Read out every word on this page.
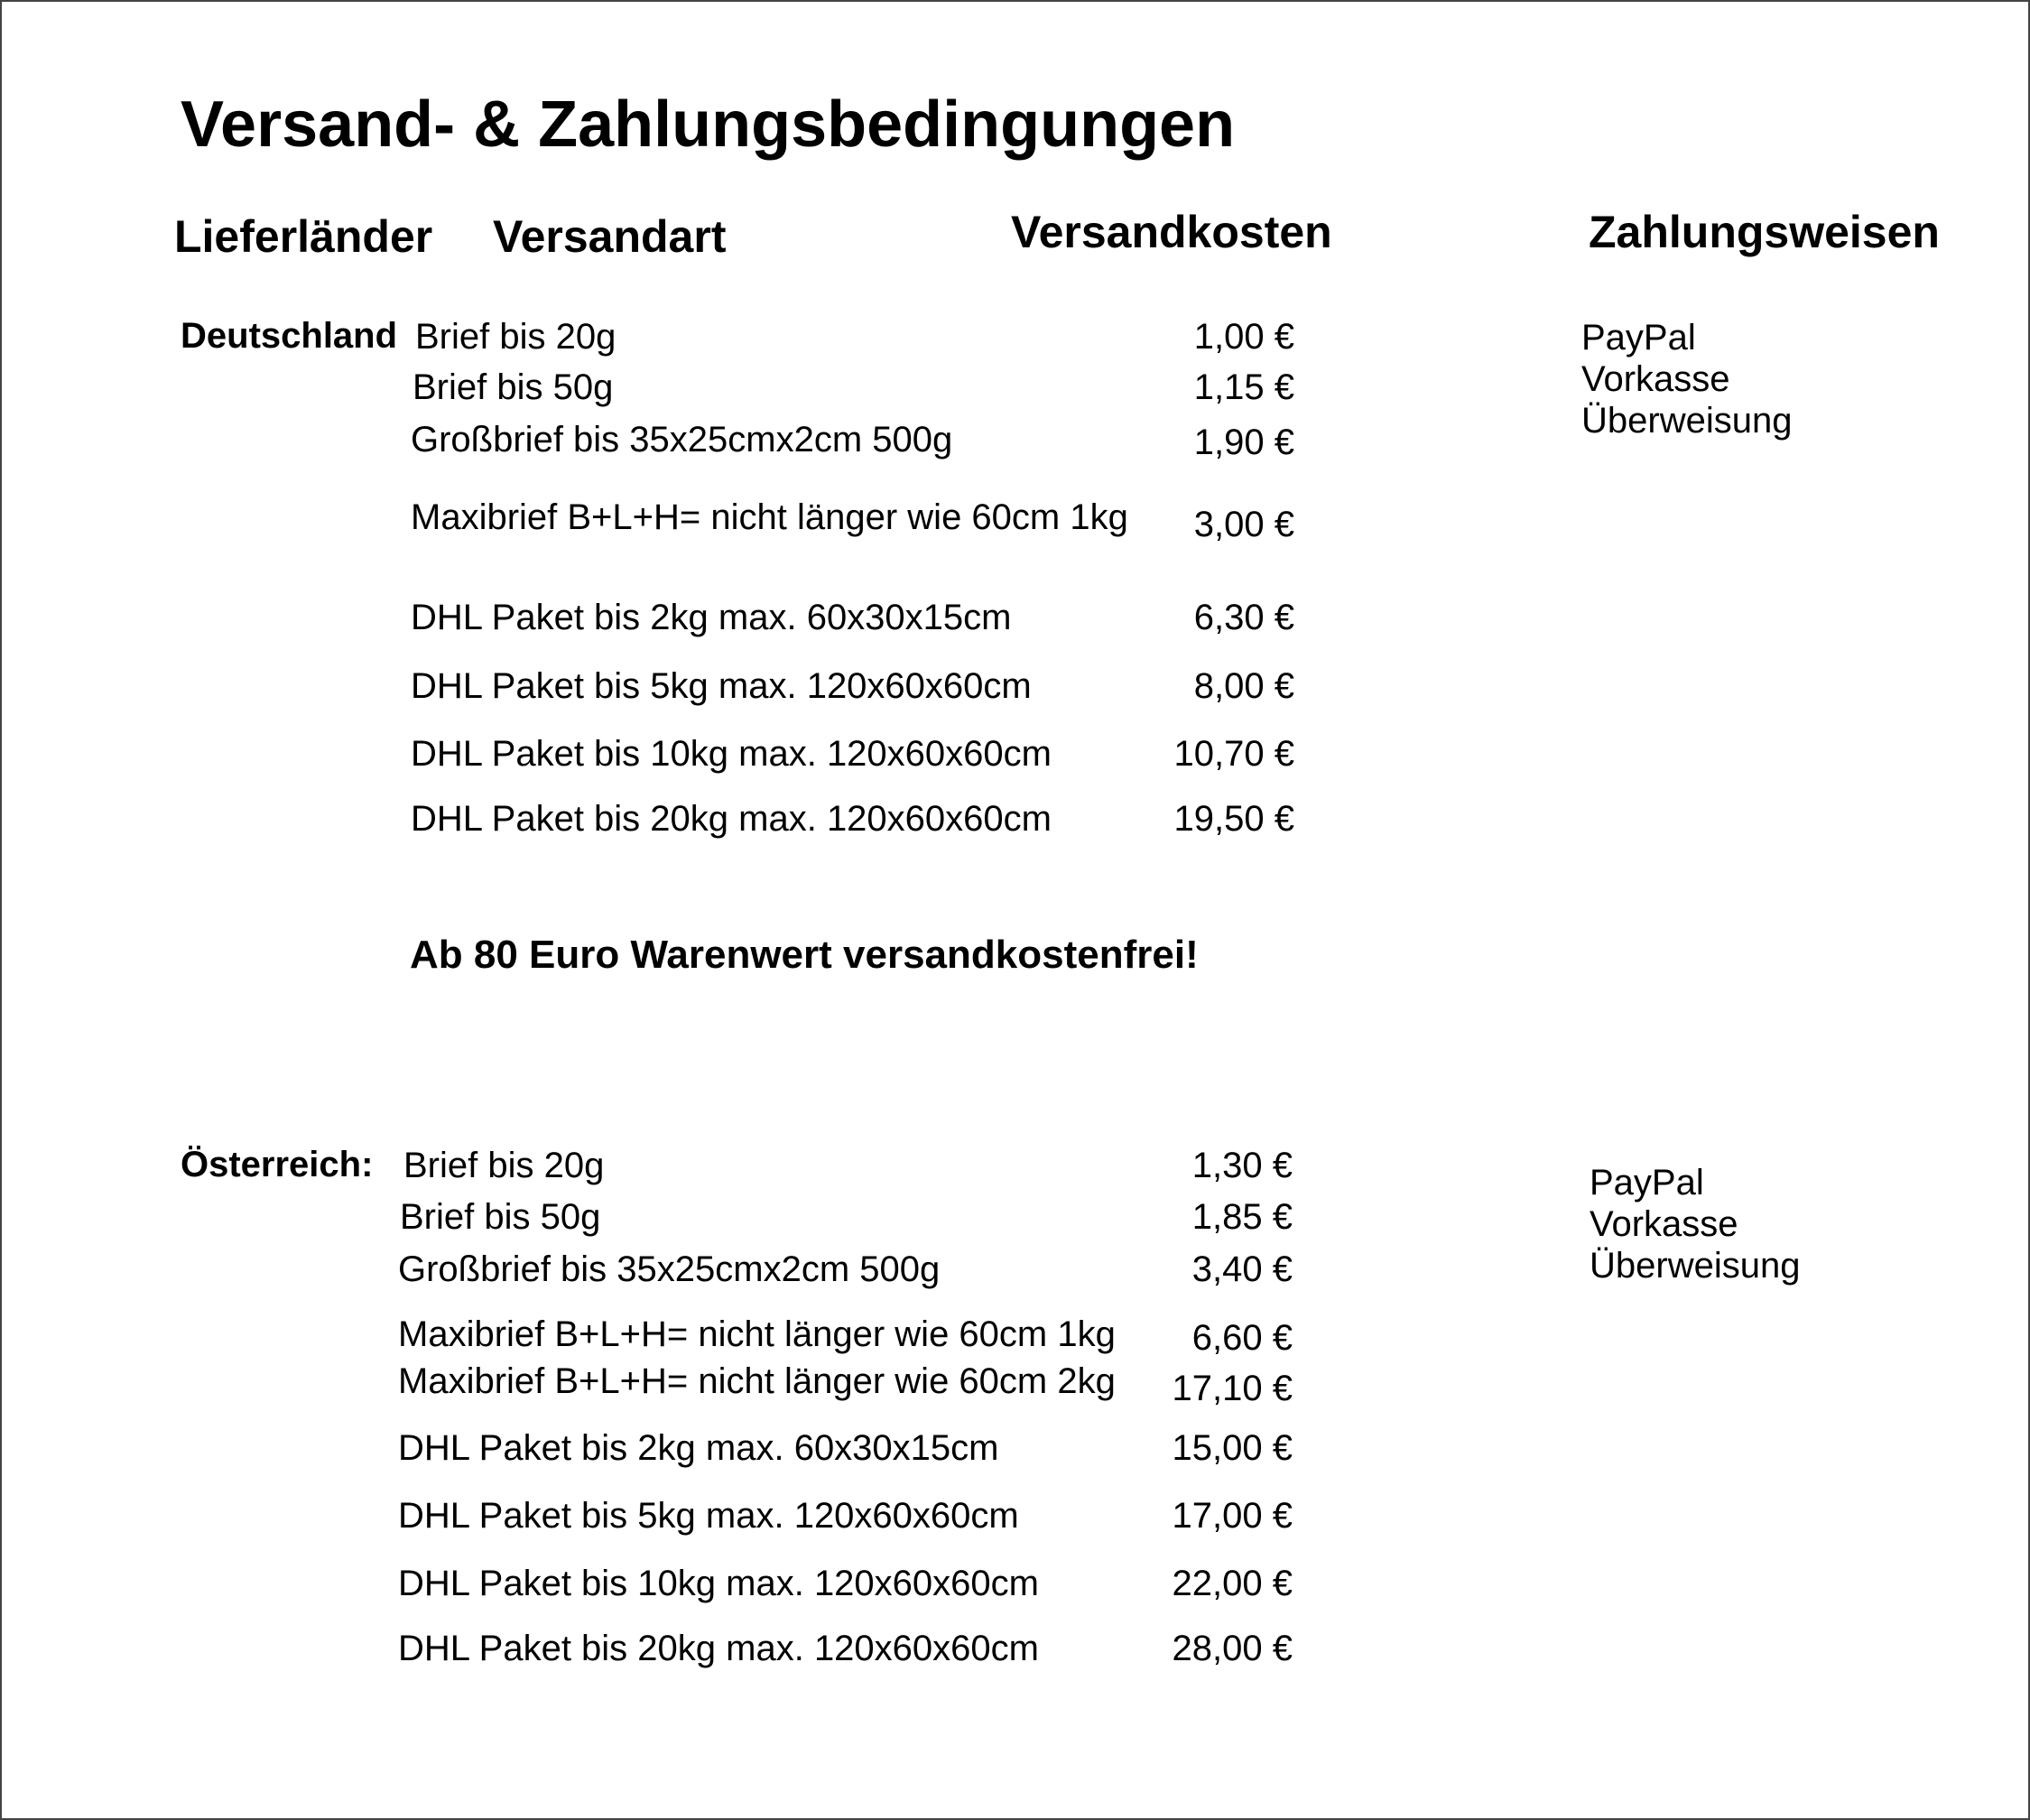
Versand- & Zahlungsbedingungen
Lieferländer Versandart	Versandkosten	Zahlungsweisen
Deutschland Brief bis 20g	1,00 €
Brief bis 50g	1,15 €
Großbrief bis 35x25cmx2cm 500g	1,90 €
Maxibrief B+L+H= nicht länger wie 60cm 1kg	3,00 €
DHL Paket bis 2kg max. 60x30x15cm	6,30 €
DHL Paket bis 5kg max. 120x60x60cm	8,00 €
DHL Paket bis 10kg max. 120x60x60cm	10,70 €
DHL Paket bis 20kg max. 120x60x60cm	19,50 €
PayPal
Vorkasse
Überweisung
Ab 80 Euro Warenwert versandkostenfrei!
Österreich: Brief bis 20g	1,30 €
Brief bis 50g	1,85 €
Großbrief bis 35x25cmx2cm 500g	3,40 €
Maxibrief B+L+H= nicht länger wie 60cm 1kg	6,60 €
Maxibrief B+L+H= nicht länger wie 60cm 2kg	17,10 €
DHL Paket bis 2kg max. 60x30x15cm	15,00 €
DHL Paket bis 5kg max. 120x60x60cm	17,00 €
DHL Paket bis 10kg max. 120x60x60cm	22,00 €
DHL Paket bis 20kg max. 120x60x60cm	28,00 €
PayPal
Vorkasse
Überweisung
